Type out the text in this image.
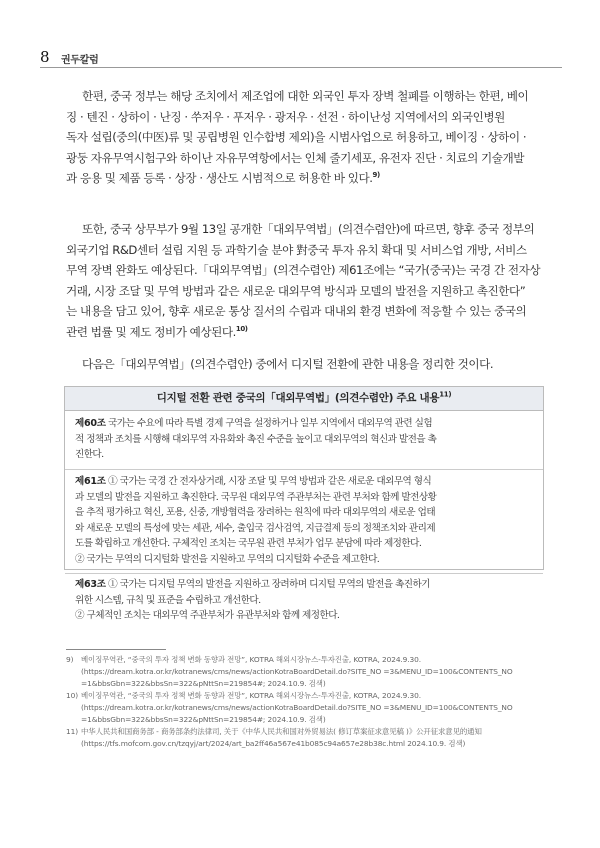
8 권두칼럼
한편, 중국 정부는 해당 조치에서 제조업에 대한 외국인 투자 장벽 철폐를 이행하는 한편, 베이
징 · 텐진 · 상하이 · 난징 · 쑤저우 · 푸저우 · 광저우 · 선전 · 하이난성 지역에서의 외국인병원
독자 설립(중의(中医)류 및 공립병원 인수합병 제외)을 시범사업으로 허용하고, 베이징 · 상하이 ·
광둥 자유무역시험구와 하이난 자유무역항에서는 인체 줄기세포, 유전자 진단 · 치료의 기술개발
과 응용 및 제품 등록 · 상장 · 생산도 시범적으로 허용한 바 있다.$^{9)}$
또한, 중국 상무부가 9월 13일 공개한「대외무역법」(의견수렴안)에 따르면, 향후 중국 정부의
외국기업 R&D센터 설립 지원 등 과학기술 분야 對중국 투자 유치 확대 및 서비스업 개방, 서비스
무역 장벽 완화도 예상된다.「대외무역법」(의견수렴안) 제61조에는 “국가(중국)는 국경 간 전자상
거래, 시장 조달 및 무역 방법과 같은 새로운 대외무역 방식과 모델의 발전을 지원하고 촉진한다”
는 내용을 담고 있어, 향후 새로운 통상 질서의 수립과 대내외 환경 변화에 적응할 수 있는 중국의
관련 법률 및 제도 정비가 예상된다.$^{10)}$
다음은「대외무역법」(의견수렴안) 중에서 디지털 전환에 관한 내용을 정리한 것이다.
디지털 전환 관련 중국의「대외무역법」(의견수렴안) 주요 내용$^{11)}$
제60조 국가는 수요에 따라 특별 경제 구역을 설정하거나 일부 지역에서 대외무역 관련 실험
적 정책과 조치를 시행해 대외무역 자유화와 촉진 수준을 높이고 대외무역의 혁신과 발전을 촉
진한다.
제61조 ① 국가는 국경 간 전자상거래, 시장 조달 및 무역 방법과 같은 새로운 대외무역 형식
과 모델의 발전을 지원하고 촉진한다. 국무원 대외무역 주관부처는 관련 부처와 함께 발전상황
을 추적 평가하고 혁신, 포용, 신중, 개방협력을 장려하는 원칙에 따라 대외무역의 새로운 업태
와 새로운 모델의 특성에 맞는 세관, 세수, 출입국 검사검역, 지급결제 등의 정책조치와 관리제
도를 확립하고 개선한다. 구체적인 조치는 국무원 관련 부처가 업무 분담에 따라 제정한다.
② 국가는 무역의 디지털화 발전을 지원하고 무역의 디지털화 수준을 제고한다.
제63조 ① 국가는 디지털 무역의 발전을 지원하고 장려하며 디지털 무역의 발전을 촉진하기
위한 시스템, 규칙 및 표준을 수립하고 개선한다.
② 구체적인 조치는 대외무역 주관부처가 유관부처와 함께 제정한다.
9) 베이징무역관, “중국의 투자 정책 변화 동향과 전망”, KOTRA 해외시장뉴스-투자진출, KOTRA, 2024.9.30.
(https://dream.kotra.or.kr/kotranews/cms/news/actionKotraBoardDetail.do?SITE_NO =3&MENU_ID=100&CONTENTS_NO
=1&bbsGbn=322&bbsSn=322&pNttSn=219854#; 2024.10.9. 검색)
10) 베이징무역관, “중국의 투자 정책 변화 동향과 전망”, KOTRA 해외시장뉴스-투자진출, KOTRA, 2024.9.30.
(https://dream.kotra.or.kr/kotranews/cms/news/actionKotraBoardDetail.do?SITE_NO =3&MENU_ID=100&CONTENTS_NO
=1&bbsGbn=322&bbsSn=322&pNttSn=219854#; 2024.10.9. 검색)
11) 中华人民共和国商务部 - 商务部条约法律司, 关于《中华人民共和国对外贸易法( 修订草案征求意见稿 )》公开征求意见的通知
(https://tfs.mofcom.gov.cn/tzqyj/art/2024/art_ba2ff46a567e41b085c94a657e28b38c.html 2024.10.9. 검색)
